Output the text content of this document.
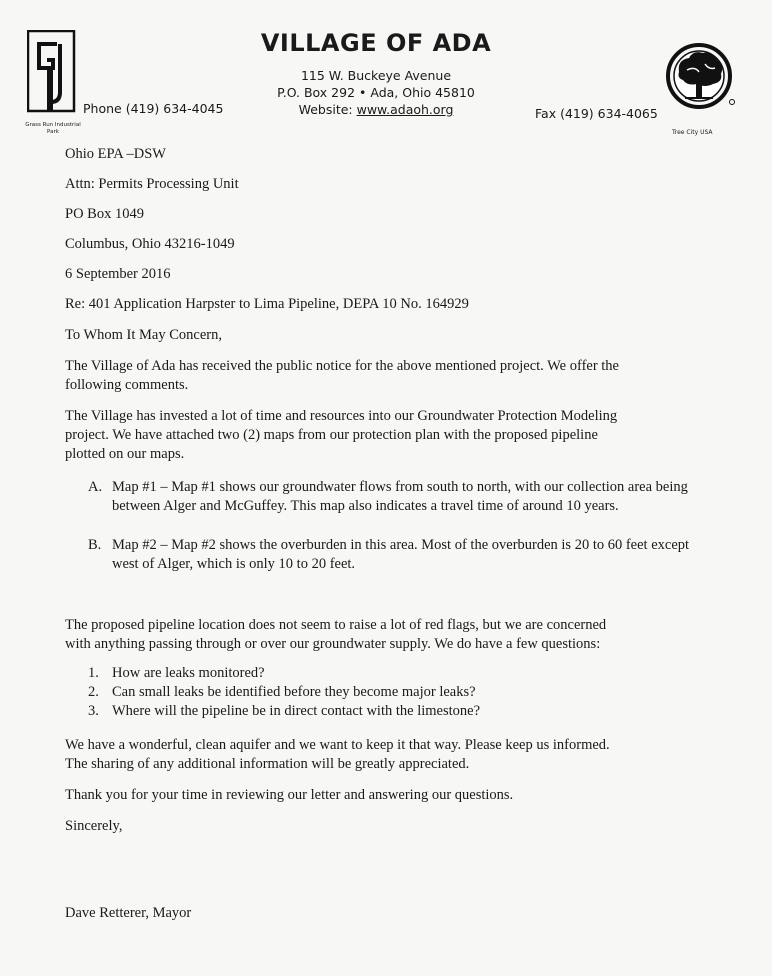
Grass Run Industrial Park
VILLAGE OF ADA
115 W. Buckeye Avenue
P.O. Box 292 • Ada, Ohio 45810
Website: www.adaoh.org
Phone (419) 634-4045	Fax (419) 634-4065
Tree City USA
Ohio EPA –DSW
Attn: Permits Processing Unit
PO Box 1049
Columbus, Ohio 43216-1049
6 September 2016
Re: 401 Application Harpster to Lima Pipeline, DEPA 10 No. 164929
To Whom It May Concern,
The Village of Ada has received the public notice for the above mentioned project. We offer the
following comments.
The Village has invested a lot of time and resources into our Groundwater Protection Modeling
project. We have attached two (2) maps from our protection plan with the proposed pipeline
plotted on our maps.
A. Map #1 – Map #1 shows our groundwater flows from south to north, with our collection area being between Alger and McGuffey. This map also indicates a travel time of around 10 years.
B. Map #2 – Map #2 shows the overburden in this area. Most of the overburden is 20 to 60 feet except west of Alger, which is only 10 to 20 feet.
The proposed pipeline location does not seem to raise a lot of red flags, but we are concerned
with anything passing through or over our groundwater supply. We do have a few questions:
1. How are leaks monitored?
2. Can small leaks be identified before they become major leaks?
3. Where will the pipeline be in direct contact with the limestone?
We have a wonderful, clean aquifer and we want to keep it that way. Please keep us informed.
The sharing of any additional information will be greatly appreciated.
Thank you for your time in reviewing our letter and answering our questions.
Sincerely,
Dave Retterer, Mayor
